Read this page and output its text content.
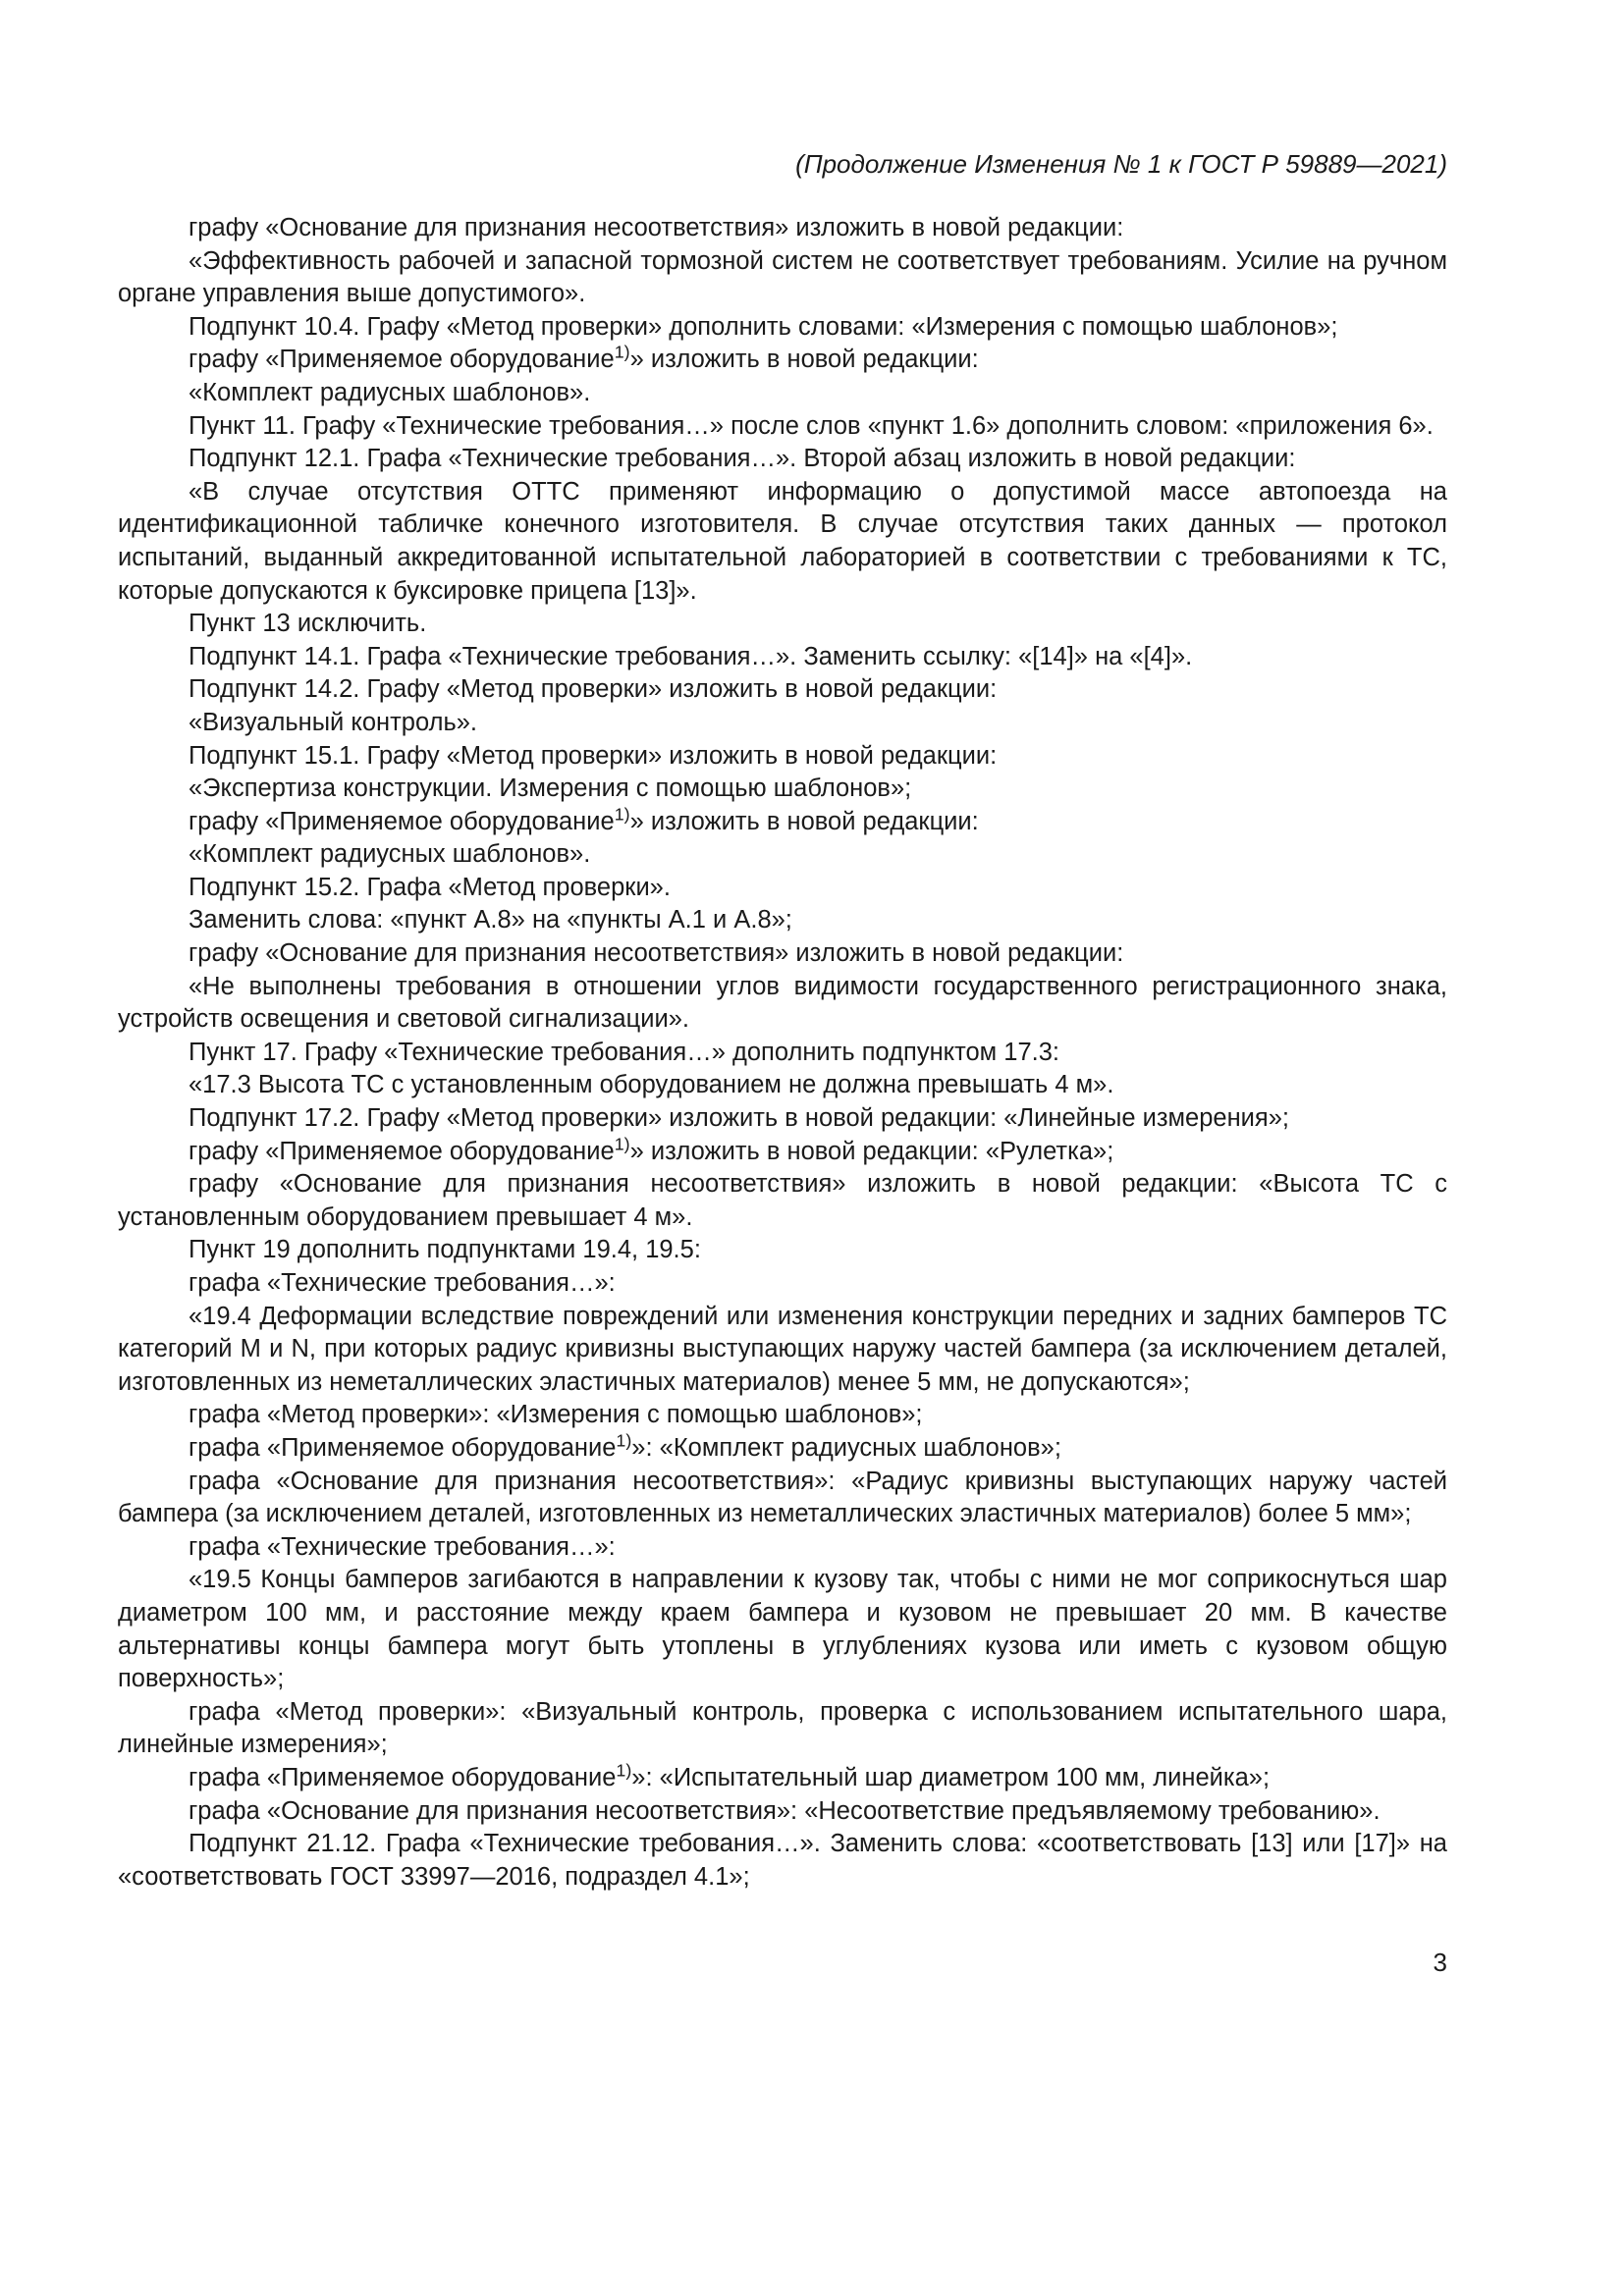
(Продолжение Изменения № 1 к ГОСТ Р 59889—2021)

графу «Основание для признания несоответствия» изложить в новой редакции:

«Эффективность рабочей и запасной тормозной систем не соответствует требованиям. Усилие на ручном органе управления выше допустимого».

Подпункт 10.4. Графу «Метод проверки» дополнить словами: «Измерения с помощью шаблонов»;

графу «Применяемое оборудование$^{1)}$» изложить в новой редакции:

«Комплект радиусных шаблонов».

Пункт 11. Графу «Технические требования…» после слов «пункт 1.6» дополнить словом: «приложения 6».

Подпункт 12.1. Графа «Технические требования…». Второй абзац изложить в новой редакции:

«В случае отсутствия ОТТС применяют информацию о допустимой массе автопоезда на идентификационной табличке конечного изготовителя. В случае отсутствия таких данных — протокол испытаний, выданный аккредитованной испытательной лабораторией в соответствии с требованиями к ТС, которые допускаются к буксировке прицепа [13]».

Пункт 13 исключить.

Подпункт 14.1. Графа «Технические требования…». Заменить ссылку: «[14]» на «[4]».

Подпункт 14.2. Графу «Метод проверки» изложить в новой редакции:

«Визуальный контроль».

Подпункт 15.1. Графу «Метод проверки» изложить в новой редакции:

«Экспертиза конструкции. Измерения с помощью шаблонов»;

графу «Применяемое оборудование$^{1)}$» изложить в новой редакции:

«Комплект радиусных шаблонов».

Подпункт 15.2. Графа «Метод проверки».

Заменить слова: «пункт А.8» на «пункты А.1 и А.8»;

графу «Основание для признания несоответствия» изложить в новой редакции:

«Не выполнены требования в отношении углов видимости государственного регистрационного знака, устройств освещения и световой сигнализации».

Пункт 17. Графу «Технические требования…» дополнить подпунктом 17.3:

«17.3 Высота ТС с установленным оборудованием не должна превышать 4 м».

Подпункт 17.2. Графу «Метод проверки» изложить в новой редакции: «Линейные измерения»;

графу «Применяемое оборудование$^{1)}$» изложить в новой редакции: «Рулетка»;

графу «Основание для признания несоответствия» изложить в новой редакции: «Высота ТС с установленным оборудованием превышает 4 м».

Пункт 19 дополнить подпунктами 19.4, 19.5:

графа «Технические требования…»:

«19.4 Деформации вследствие повреждений или изменения конструкции передних и задних бамперов ТС категорий M и N, при которых радиус кривизны выступающих наружу частей бампера (за исключением деталей, изготовленных из неметаллических эластичных материалов) менее 5 мм, не допускаются»;

графа «Метод проверки»: «Измерения с помощью шаблонов»;

графа «Применяемое оборудование$^{1)}$»: «Комплект радиусных шаблонов»;

графа «Основание для признания несоответствия»: «Радиус кривизны выступающих наружу частей бампера (за исключением деталей, изготовленных из неметаллических эластичных материалов) более 5 мм»;

графа «Технические требования…»:

«19.5 Концы бамперов загибаются в направлении к кузову так, чтобы с ними не мог соприкоснуться шар диаметром 100 мм, и расстояние между краем бампера и кузовом не превышает 20 мм. В качестве альтернативы концы бампера могут быть утоплены в углублениях кузова или иметь с кузовом общую поверхность»;

графа «Метод проверки»: «Визуальный контроль, проверка с использованием испытательного шара, линейные измерения»;

графа «Применяемое оборудование$^{1)}$»: «Испытательный шар диаметром 100 мм, линейка»;

графа «Основание для признания несоответствия»: «Несоответствие предъявляемому требованию».

Подпункт 21.12. Графа «Технические требования…». Заменить слова: «соответствовать [13] или [17]» на «соответствовать ГОСТ 33997—2016, подраздел 4.1»;

3
